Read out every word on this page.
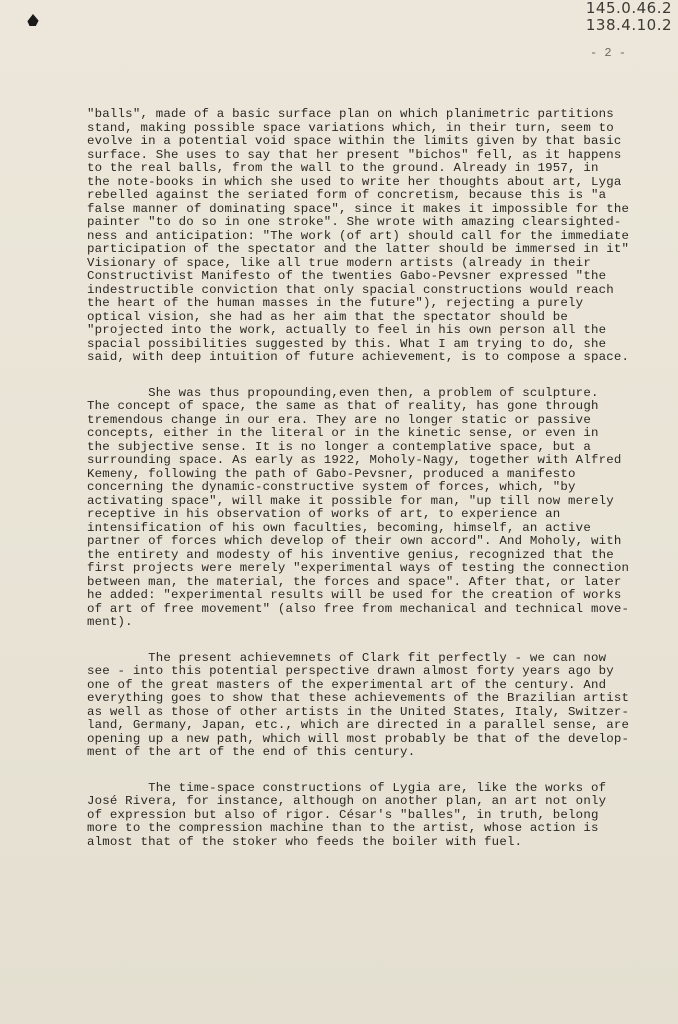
145.0.46.2
138.4.10.2
- 2 -
"balls", made of a basic surface plan on which planimetric partitions
stand, making possible space variations which, in their turn, seem to
evolve in a potential void space within the limits given by that basic
surface. She uses to say that her present "bichos" fell, as it happens
to the real balls, from the wall to the ground. Already in 1957, in
the note-books in which she used to write her thoughts about art, Lyga
rebelled against the seriated form of concretism, because this is "a
false manner of dominating space", since it makes it impossible for the
painter "to do so in one stroke". She wrote with amazing clearsighted-
ness and anticipation: "The work (of art) should call for the immediate
participation of the spectator and the latter should be immersed in it"
Visionary of space, like all true modern artists (already in their
Constructivist Manifesto of the twenties Gabo-Pevsner expressed "the
indestructible conviction that only spacial constructions would reach
the heart of the human masses in the future"), rejecting a purely
optical vision, she had as her aim that the spectator should be
"projected into the work, actually to feel in his own person all the
spacial possibilities suggested by this. What I am trying to do, she
said, with deep intuition of future achievement, is to compose a space.
She was thus propounding,even then, a problem of sculpture.
The concept of space, the same as that of reality, has gone through
tremendous change in our era. They are no longer static or passive
concepts, either in the literal or in the kinetic sense, or even in
the subjective sense. It is no longer a contemplative space, but a
surrounding space. As early as 1922, Moholy-Nagy, together with Alfred
Kemeny, following the path of Gabo-Pevsner, produced a manifesto
concerning the dynamic-constructive system of forces, which, "by
activating space", will make it possible for man, "up till now merely
receptive in his observation of works of art, to experience an
intensification of his own faculties, becoming, himself, an active
partner of forces which develop of their own accord". And Moholy, with
the entirety and modesty of his inventive genius, recognized that the
first projects were merely "experimental ways of testing the connection
between man, the material, the forces and space". After that, or later
he added: "experimental results will be used for the creation of works
of art of free movement" (also free from mechanical and technical move-
ment).
The present achievemnets of Clark fit perfectly - we can now
see - into this potential perspective drawn almost forty years ago by
one of the great masters of the experimental art of the century. And
everything goes to show that these achievements of the Brazilian artist
as well as those of other artists in the United States, Italy, Switzer-
land, Germany, Japan, etc., which are directed in a parallel sense, are
opening up a new path, which will most probably be that of the develop-
ment of the art of the end of this century.
The time-space constructions of Lygia are, like the works of
José Rivera, for instance, although on another plan, an art not only
of expression but also of rigor. César's "balles", in truth, belong
more to the compression machine than to the artist, whose action is
almost that of the stoker who feeds the boiler with fuel.
